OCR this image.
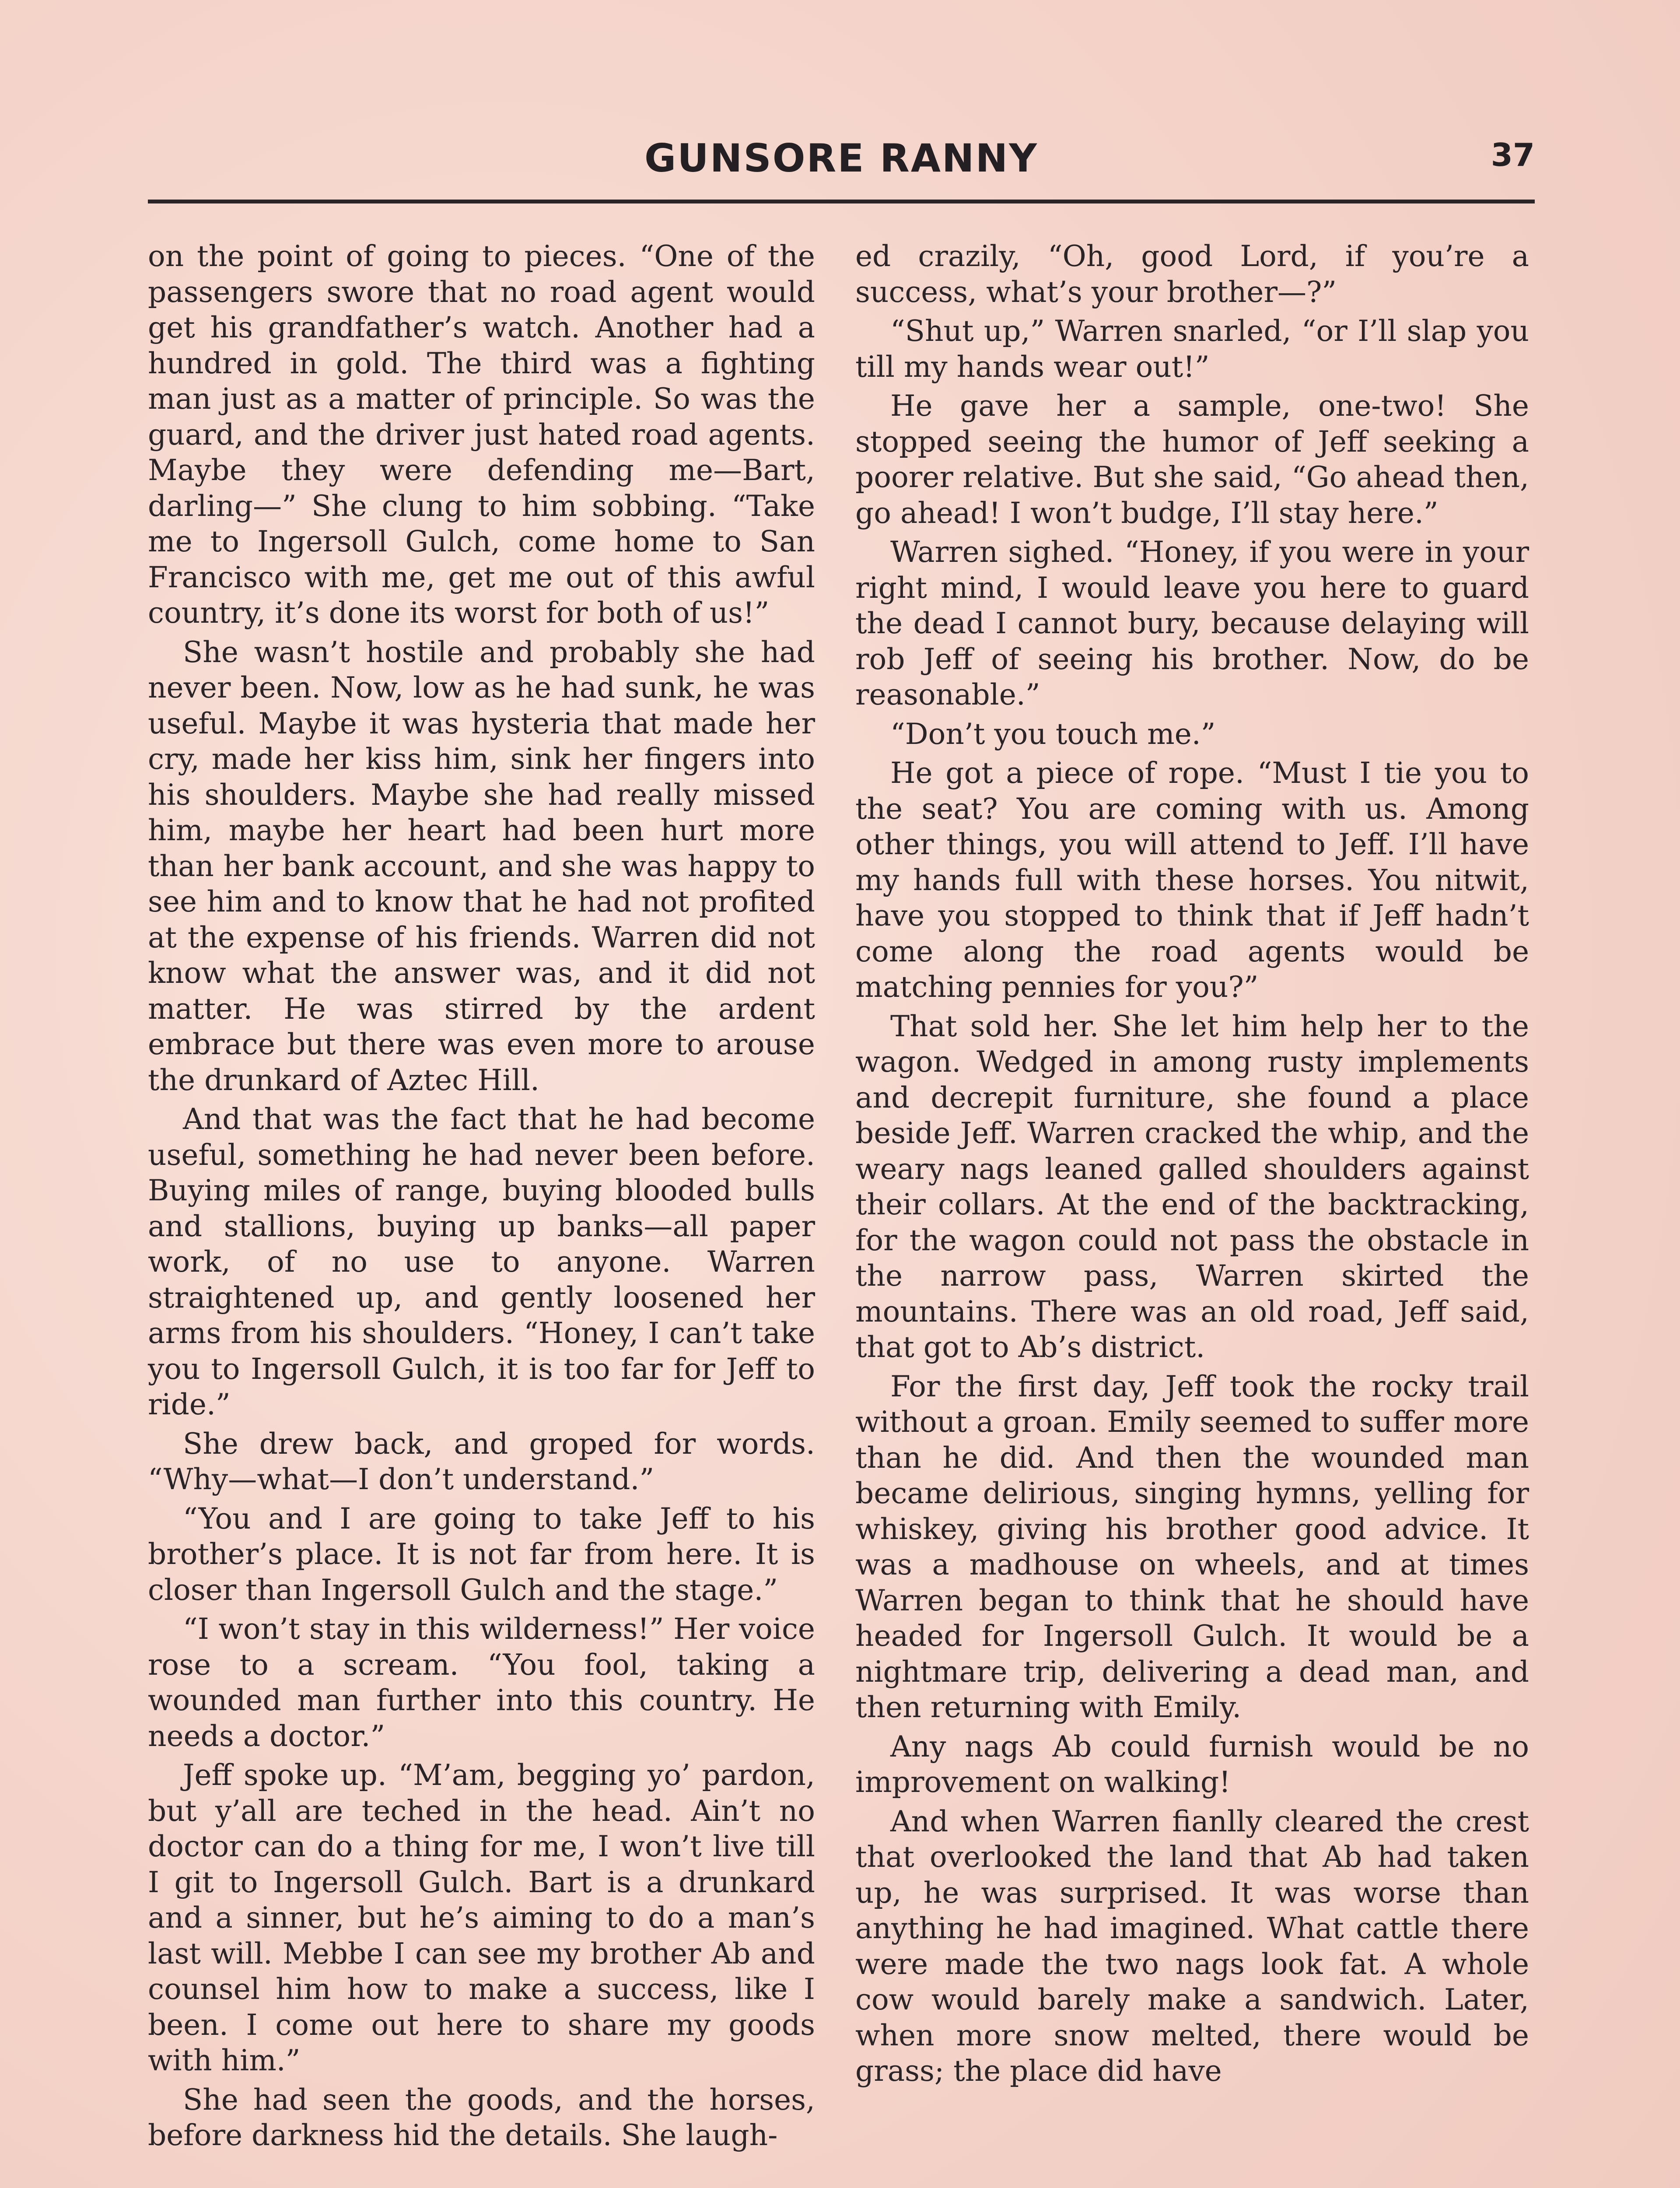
GUNSORE RANNY	37

on the point of going to pieces. “One of the passengers swore that no road agent would get his grandfather’s watch. Another had a hundred in gold. The third was a fighting man just as a matter of principle. So was the guard, and the driver just hated road agents. Maybe they were defending me—Bart, darling—” She clung to him sobbing. “Take me to Ingersoll Gulch, come home to San Francisco with me, get me out of this awful country, it’s done its worst for both of us!”

She wasn’t hostile and probably she had never been. Now, low as he had sunk, he was useful. Maybe it was hysteria that made her cry, made her kiss him, sink her fingers into his shoulders. Maybe she had really missed him, maybe her heart had been hurt more than her bank account, and she was happy to see him and to know that he had not profited at the expense of his friends. Warren did not know what the answer was, and it did not matter. He was stirred by the ardent embrace but there was even more to arouse the drunkard of Aztec Hill.

And that was the fact that he had become useful, something he had never been before. Buying miles of range, buying blooded bulls and stallions, buying up banks—all paper work, of no use to anyone. Warren straightened up, and gently loosened her arms from his shoulders. “Honey, I can’t take you to Ingersoll Gulch, it is too far for Jeff to ride.”

She drew back, and groped for words. “Why—what—I don’t understand.”

“You and I are going to take Jeff to his brother’s place. It is not far from here. It is closer than Ingersoll Gulch and the stage.”

“I won’t stay in this wilderness!” Her voice rose to a scream. “You fool, taking a wounded man further into this country. He needs a doctor.”

Jeff spoke up. “M’am, begging yo’ pardon, but y’all are teched in the head. Ain’t no doctor can do a thing for me, I won’t live till I git to Ingersoll Gulch. Bart is a drunkard and a sinner, but he’s aiming to do a man’s last will. Mebbe I can see my brother Ab and counsel him how to make a success, like I been. I come out here to share my goods with him.”

She had seen the goods, and the horses, before darkness hid the details. She laugh-

ed crazily, “Oh, good Lord, if you’re a success, what’s your brother—?”

“Shut up,” Warren snarled, “or I’ll slap you till my hands wear out!”

He gave her a sample, one-two! She stopped seeing the humor of Jeff seeking a poorer relative. But she said, “Go ahead then, go ahead! I won’t budge, I’ll stay here.”

Warren sighed. “Honey, if you were in your right mind, I would leave you here to guard the dead I cannot bury, because delaying will rob Jeff of seeing his brother. Now, do be reasonable.”

“Don’t you touch me.”

He got a piece of rope. “Must I tie you to the seat? You are coming with us. Among other things, you will attend to Jeff. I’ll have my hands full with these horses. You nitwit, have you stopped to think that if Jeff hadn’t come along the road agents would be matching pennies for you?”

That sold her. She let him help her to the wagon. Wedged in among rusty implements and decrepit furniture, she found a place beside Jeff. Warren cracked the whip, and the weary nags leaned galled shoulders against their collars. At the end of the backtracking, for the wagon could not pass the obstacle in the narrow pass, Warren skirted the mountains. There was an old road, Jeff said, that got to Ab’s district.

For the first day, Jeff took the rocky trail without a groan. Emily seemed to suffer more than he did. And then the wounded man became delirious, singing hymns, yelling for whiskey, giving his brother good advice. It was a madhouse on wheels, and at times Warren began to think that he should have headed for Ingersoll Gulch. It would be a nightmare trip, delivering a dead man, and then returning with Emily.

Any nags Ab could furnish would be no improvement on walking!

And when Warren fianlly cleared the crest that overlooked the land that Ab had taken up, he was surprised. It was worse than anything he had imagined. What cattle there were made the two nags look fat. A whole cow would barely make a sandwich. Later, when more snow melted, there would be grass; the place did have
